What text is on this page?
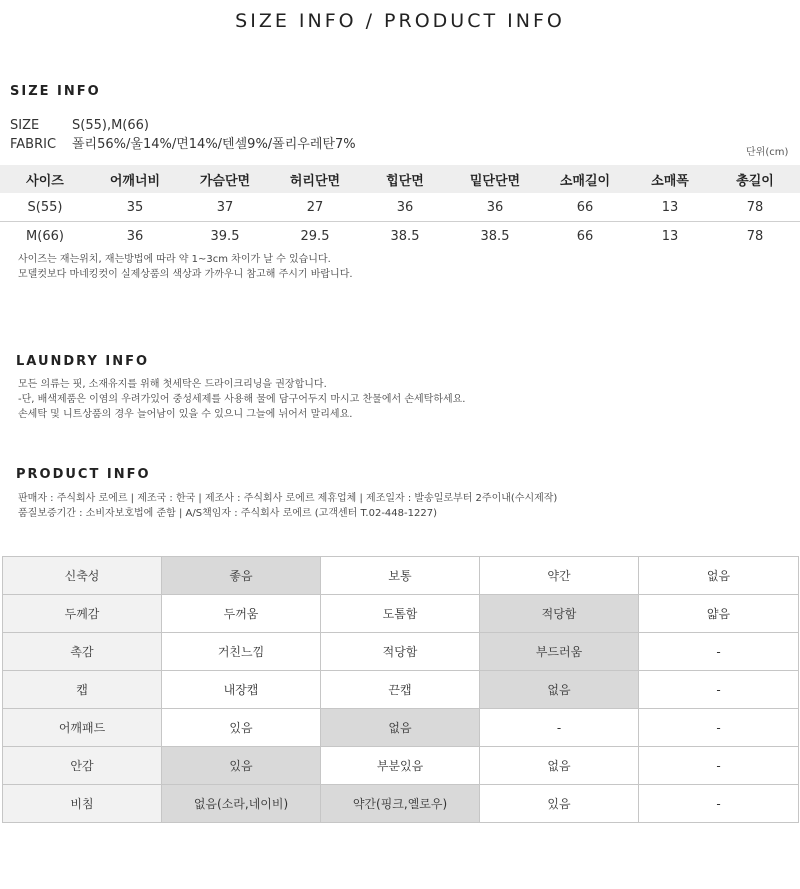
SIZE INFO / PRODUCT INFO
SIZE INFO
SIZE	S(55),M(66)
FABRIC 폴리56%/울14%/면14%/텐셀9%/폴리우레탄7%
단위(cm)
사이즈	어깨너비	가슴단면	허리단면	힙단면	밑단단면	소매길이	소매폭	총길이
S(55)	35	37	27	36	36	66	13	78
M(66)	36	39.5	29.5	38.5	38.5	66	13	78
사이즈는 재는위치, 재는방법에 따라 약 1~3cm 차이가 날 수 있습니다.
모델컷보다 마네킹컷이 실제상품의 색상과 가까우니 참고해 주시기 바랍니다.
LAUNDRY INFO
모든 의류는 핏, 소재유지를 위해 첫세탁은 드라이크리닝을 권장합니다.
-단, 배색제품은 이염의 우려가있어 중성세제를 사용해 물에 담구어두지 마시고 찬물에서 손세탁하세요.
손세탁 및 니트상품의 경우 늘어남이 있을 수 있으니 그늘에 뉘어서 말리세요.
PRODUCT INFO
판매자 : 주식회사 로에르 | 제조국 : 한국 | 제조사 : 주식회사 로에르 제휴업체 | 제조일자 : 발송일로부터 2주이내(수시제작)
품질보증기간 : 소비자보호법에 준함 | A/S책임자 : 주식회사 로에르 (고객센터 T.02-448-1227)
신축성	좋음	보통	약간	없음
두께감	두꺼움	도톰함	적당함	얇음
촉감	거친느낌	적당함	부드러움	-
캡	내장캡	끈캡	없음	-
어깨패드	있음	없음	-	-
안감	있음	부분있음	없음	-
비침	없음(소라,네이비)	약간(핑크,옐로우)	있음	-
